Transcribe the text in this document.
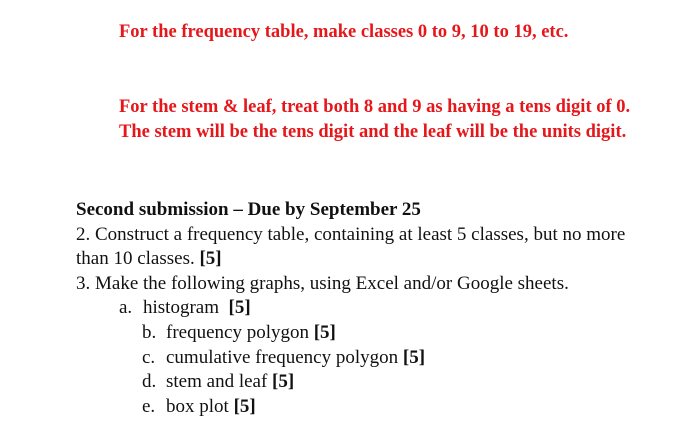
For the frequency table, make classes 0 to 9, 10 to 19, etc.
For the stem & leaf, treat both 8 and 9 as having a tens digit of 0. The stem will be the tens digit and the leaf will be the units digit.
Second submission – Due by September 25

2. Construct a frequency table, containing at least 5 classes, but no more than 10 classes. [5]

3. Make the following graphs, using Excel and/or Google sheets.

a. histogram [5]
b. frequency polygon [5]
c. cumulative frequency polygon [5]
d. stem and leaf [5]
e. box plot [5]
